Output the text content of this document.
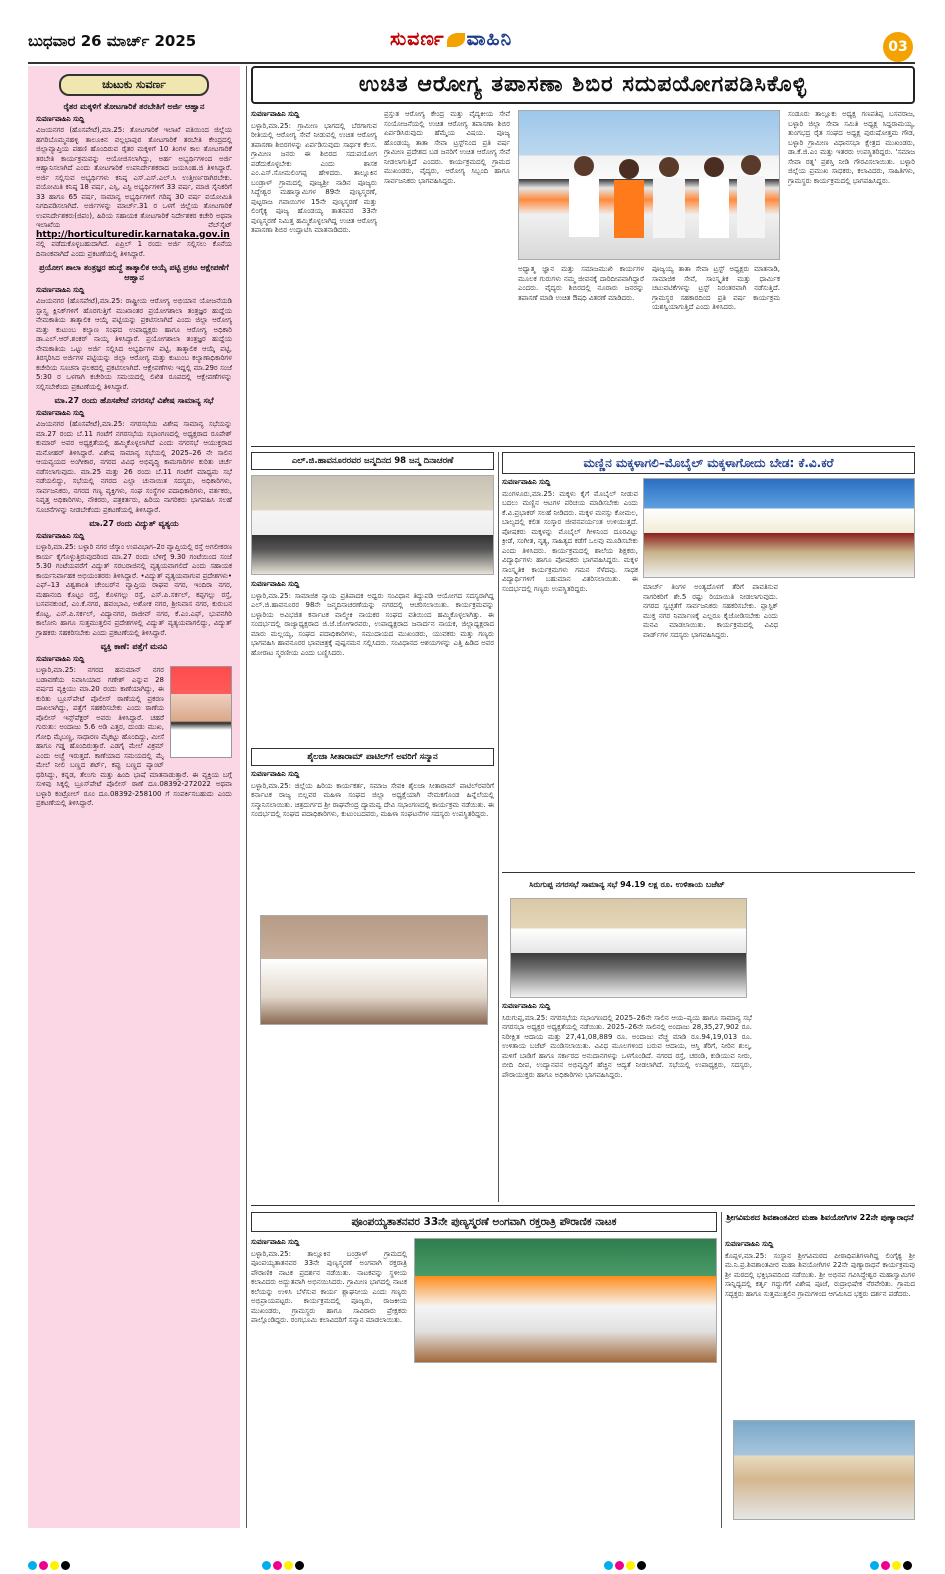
ಬುಧವಾರ 26 ಮಾರ್ಚ್ 2025	ಸುವರ್ಣ ವಾಹಿನಿ	03
ಚುಟುಕು ಸುವರ್ಣ
ರೈತರ ಮಕ್ಕಳಿಗೆ ತೋಟಗಾರಿಕೆ ತರಬೇತಿಗೆ ಅರ್ಜಿ ಆಹ್ವಾನ
ಸುವರ್ಣವಾಹಿನಿ ಸುದ್ದಿ
ವಿಜಯನಗರ (ಹೊಸಪೇಟೆ),ಮಾ.25: ತೋಟಗಾರಿಕೆ ಇಲಾಖೆ ವತಿಯಿಂದ ಜಿಲ್ಲೆಯ ಹಗರಿಬೊಮ್ಮನಹಳ್ಳಿ ತಾಲೂಕಿನ ವಲ್ಲಭಾಪುರ ತೋಟಗಾರಿಕೆ ತರಬೇತಿ ಕೇಂದ್ರದಲ್ಲಿ ಜಿಲ್ಲಾವ್ಯಾಪ್ತಿಯ ಪಹಣಿ ಹೊಂದಿರುವ ರೈತರ ಮಕ್ಕಳಿಗೆ 10 ತಿಂಗಳ ಕಾಲ ತೋಟಗಾರಿಕೆ ತರಬೇತಿ ಕಾರ್ಯಕ್ರಮವನ್ನು ಆಯೋಜಿಸಲಾಗಿದ್ದು, ಅರ್ಹ ಅಭ್ಯರ್ಥಿಗಳಿಂದ ಅರ್ಜಿ ಆಹ್ವಾನಿಸಲಾಗಿದೆ ಎಂದು ತೋಟಗಾರಿಕೆ ಉಪನಿರ್ದೇಶಕರಾದ ಜಯಸಿಂಹ.ಜಿ ತಿಳಿಸಿದ್ದಾರೆ. ಅರ್ಜಿ ಸಲ್ಲಿಸುವ ಅಭ್ಯರ್ಥಿಗಳು ಕನಿಷ್ಠ ಎಸ್.ಎಸ್.ಎಲ್.ಸಿ ಉತ್ತೀರ್ಣರಾಗಿರಬೇಕು. ವಯೋಮಿತಿ ಕನಿಷ್ಠ 18 ವರ್ಷ, ಎಸ್ಸಿ, ಎಸ್ಟಿ ಅಭ್ಯರ್ಥಿಗಳಿಗೆ 33 ವರ್ಷ, ಮಾಜಿ ಸೈನಿಕರಿಗೆ 33 ಹಾಗೂ 65 ವರ್ಷ, ಸಾಮಾನ್ಯ ಅಭ್ಯರ್ಥಿಗಳಿಗೆ ಗರಿಷ್ಠ 30 ವರ್ಷ ವಯೋಮಿತಿ ನಿಗದಿಪಡಿಸಲಾಗಿದೆ. ಅರ್ಜಿಗಳನ್ನು ಮಾರ್ಚ್.31 ರ ಒಳಗೆ ಜಿಲ್ಲೆಯ ತೋಟಗಾರಿಕೆ ಉಪನಿರ್ದೇಶಕರು(ಜಿಪಂ), ಹಿರಿಯ ಸಹಾಯಕ ತೋಟಗಾರಿಕೆ ನಿರ್ದೇಶಕರ ಕಚೇರಿ ಅಥವಾ ಇಲಾಖೆಯ ವೆಬ್‌ಸೈಟ್ http://horticulturedir.karnataka.gov.in ನಲ್ಲಿ ಪಡೆದುಕೊಳ್ಳಬಹುದಾಗಿದೆ. ಏಪ್ರಿಲ್ 1 ರಂದು ಅರ್ಜಿ ಸಲ್ಲಿಸಲು ಕೊನೆಯ ದಿನಾಂಕವಾಗಿದೆ ಎಂದು ಪ್ರಕಟಣೆಯಲ್ಲಿ ತಿಳಿಸಿದ್ದಾರೆ.
ಪ್ರಯೋಗ ಶಾಲಾ ತಂತ್ರಜ್ಞರ ಹುದ್ದೆ ತಾತ್ಕಾಲಿಕ ಆಯ್ಕೆ ಪಟ್ಟಿ ಪ್ರಕಟ ಆಕ್ಷೇಪಣೆಗೆ ಆಹ್ವಾನ
ಸುವರ್ಣವಾಹಿನಿ ಸುದ್ದಿ
ವಿಜಯನಗರ (ಹೊಸಪೇಟೆ),ಮಾ.25: ರಾಷ್ಟ್ರೀಯ ಆರೋಗ್ಯ ಅಭಿಯಾನ ಯೋಜನೆಯಡಿ ಸ್ಪಾಸ್ತ್ಯ ಕ್ಲಿನಿಕ್‌ಗಳಿಗೆ ಹೊರಗುತ್ತಿಗೆ ಮುಖಾಂತರ ಪ್ರಯೋಗಶಾಲಾ ತಂತ್ರಜ್ಞರ ಹುದ್ದೆಯ ನೇಮಕಾತಿಯ ತಾತ್ಕಾಲಿಕ ಆಯ್ಕೆ ಪಟ್ಟಿಯನ್ನು ಪ್ರಕಟಿಸಲಾಗಿದೆ ಎಂದು ಜಿಲ್ಲಾ ಆರೋಗ್ಯ ಮತ್ತು ಕುಟುಂಬ ಕಲ್ಯಾಣ ಸಂಘದ ಉಪಾಧ್ಯಕ್ಷರು ಹಾಗೂ ಆರೋಗ್ಯ ಅಧಿಕಾರಿ ಡಾ.ಎಲ್.ಆರ್.ಶಂಕರ್ ನಾಯ್ಕ ತಿಳಿಸಿದ್ದಾರೆ. ಪ್ರಯೋಗಶಾಲಾ ತಂತ್ರಜ್ಞರ ಹುದ್ದೆಯ ನೇಮಕಾತಿಯ ಒಟ್ಟು ಅರ್ಜಿ ಸಲ್ಲಿಸಿದ ಅಭ್ಯರ್ಥಿಗಳ ಪಟ್ಟಿ, ತಾತ್ಕಾಲಿಕ ಆಯ್ಕೆ ಪಟ್ಟಿ, ತಿರಸ್ಕರಿಸಿದ ಅರ್ಜಿಗಳ ಪಟ್ಟಿಯನ್ನು ಜಿಲ್ಲಾ ಆರೋಗ್ಯ ಮತ್ತು ಕುಟುಂಬ ಕಲ್ಯಾಣಾಧಿಕಾರಿಗಳ ಕಚೇರಿಯ ಸೂಚನಾ ಫಲಕದಲ್ಲಿ ಪ್ರಕಟಿಸಲಾಗಿದೆ. ಆಕ್ಷೇಪಣೆಗಳು ಇದ್ದಲ್ಲಿ ಮಾ.29ರ ಸಂಜೆ 5:30 ರ ಒಳಗಾಗಿ ಕಚೇರಿಯ ಸಮಯದಲ್ಲಿ ಲಿಖಿತ ರೂಪದಲ್ಲಿ ಆಕ್ಷೇಪಣೆಗಳನ್ನು ಸಲ್ಲಿಸಬೇಕೆಂದು ಪ್ರಕಟಣೆಯಲ್ಲಿ ತಿಳಿಸಿದ್ದಾರೆ.
ಮಾ.27 ರಂದು ಹೊಸಪೇಟೆ ನಗರಸಭೆ ವಿಶೇಷ ಸಾಮಾನ್ಯ ಸಭೆ
ಸುವರ್ಣವಾಹಿನಿ ಸುದ್ದಿ
ವಿಜಯನಗರ (ಹೊಸಪೇಟೆ),ಮಾ.25: ನಗರಸಭೆಯ ವಿಶೇಷ ಸಾಮಾನ್ಯ ಸಭೆಯನ್ನು ಮಾ.27 ರಂದು ಬೆ.11 ಗಂಟೆಗೆ ನಗರಸಭೆಯ ಸಭಾಂಗಣದಲ್ಲಿ ಅಧ್ಯಕ್ಷರಾದ ರೂಪೇಶ್ ಕುಮಾರ್ ಅವರ ಅಧ್ಯಕ್ಷತೆಯಲ್ಲಿ ಹಮ್ಮಿಕೊಳ್ಳಲಾಗಿದೆ ಎಂದು ನಗರಸಭೆ ಆಯುಕ್ತರಾದ ಮನೋಹರ್ ತಿಳಿಸಿದ್ದಾರೆ. ವಿಶೇಷ ಸಾಮಾನ್ಯ ಸಭೆಯಲ್ಲಿ 2025–26 ನೇ ಸಾಲಿನ ಆಯವ್ಯಯದ ಅಂಗೀಕಾರ, ನಗರದ ವಿವಿಧ ಅಭಿವೃದ್ಧಿ ಕಾಮಗಾರಿಗಳ ಕುರಿತು ಚರ್ಚೆ ನಡೆಸಲಾಗುವುದು. ಮಾ.25 ಮತ್ತು 26 ರಂದು ಬೆ.11 ಗಂಟೆಗೆ ಮಾಧ್ಯಮ ಸಭೆ ನಡೆಯಲಿದ್ದು, ಸಭೆಯಲ್ಲಿ ನಗರದ ಎಲ್ಲಾ ಚುನಾಯಿತ ಸದಸ್ಯರು, ಅಧಿಕಾರಿಗಳು, ಸಾರ್ವಜನಿಕರು, ನಗರದ ಗಣ್ಯ ವ್ಯಕ್ತಿಗಳು, ಸಂಘ ಸಂಸ್ಥೆಗಳ ಪದಾಧಿಕಾರಿಗಳು, ವರ್ತಕರು, ನಿವೃತ್ತ ಅಧಿಕಾರಿಗಳು, ನೌಕರರು, ಪತ್ರಕರ್ತರು, ಹಿರಿಯ ನಾಗರಿಕರು ಭಾಗವಹಿಸಿ ಸಲಹೆ ಸೂಚನೆಗಳನ್ನು ನೀಡಬೇಕೆಂದು ಪ್ರಕಟಣೆಯಲ್ಲಿ ತಿಳಿಸಿದ್ದಾರೆ.
ಮಾ.27 ರಂದು ವಿದ್ಯುತ್ ವ್ಯತ್ಯಯ
ಸುವರ್ಣವಾಹಿನಿ ಸುದ್ದಿ
ಬಳ್ಳಾರಿ,ಮಾ.25: ಬಳ್ಳಾರಿ ನಗರ ಜೆಸ್ಕಾಂ ಉಪವಿಭಾಗ–2ರ ವ್ಯಾಪ್ತಿಯಲ್ಲಿ ರಸ್ತೆ ಅಗಲೀಕರಣ ಕಾರ್ಯ ಕೈಗೊಳ್ಳುತ್ತಿರುವುದರಿಂದ ಮಾ.27 ರಂದು ಬೆಳಿಗ್ಗೆ 9.30 ಗಂಟೆಯಿಂದ ಸಂಜೆ 5.30 ಗಂಟೆಯವರೆಗೆ ವಿದ್ಯುತ್ ಸರಬರಾಜಿನಲ್ಲಿ ವ್ಯತ್ಯಯವಾಗಲಿದೆ ಎಂದು ಸಹಾಯಕ ಕಾರ್ಯನಿರ್ವಾಹಕ ಅಭಿಯಂತರರು ತಿಳಿಸಿದ್ದಾರೆ. •ವಿದ್ಯುತ್ ವ್ಯತ್ಯಯವಾಗುವ ಪ್ರದೇಶಗಳು• ಎಫ್–13 ವಿಶ್ವಶಾಂತಿ ಚೇಂಬರ್‌ನ ವ್ಯಾಪ್ತಿಯ ರಾಘವ ನಗರ, ಇಂದಿರಾ ನಗರ, ಮಹಾನಂದಿ ಕೊಟ್ಟಂ ರಸ್ತೆ, ಕೊಳಗಲ್ಲು ರಸ್ತೆ, ಎಸ್.ಪಿ.ಸರ್ಕಲ್, ಕಪ್ಪಗಲ್ಲು ರಸ್ತೆ, ಬಸವನಕುಂಟೆ, ಎಂ.ಕೆ.ನಗರ, ಹವಂಭಾವಿ, ಅಶೋಕ ನಗರ, ಶ್ರೀನಿವಾಸ ನಗರ, ಕುರುಬನ ಕೊಟ್ಟ, ಎಸ್.ಪಿ.ಸರ್ಕಲ್, ವಿದ್ಯಾನಗರ, ರಾಜೀವ್ ನಗರ, ಕೆ.ಎಂ.ಎಫ್, ಭುವನಗಿರಿ ಕಾಲೋನಿ ಹಾಗೂ ಸುತ್ತಮುತ್ತಲಿನ ಪ್ರದೇಶಗಳಲ್ಲಿ ವಿದ್ಯುತ್ ವ್ಯತ್ಯಯವಾಗಲಿದ್ದು, ವಿದ್ಯುತ್ ಗ್ರಾಹಕರು ಸಹಕರಿಸಬೇಕು ಎಂದು ಪ್ರಕಟಣೆಯಲ್ಲಿ ತಿಳಿಸಿದ್ದಾರೆ.
ವ್ಯಕ್ತಿ ಕಾಣೆ: ಪತ್ತೆಗೆ ಮನವಿ
ಸುವರ್ಣವಾಹಿನಿ ಸುದ್ದಿ
ಬಳ್ಳಾರಿ,ಮಾ.25: ನಗರದ ಹನುಮಾನ್ ನಗರ ಬಡಾವಣೆಯ ನಿವಾಸಿಯಾದ ಗಣೇಶ್ ಎನ್ನುವ 28 ವರ್ಷದ ವ್ಯಕ್ತಿಯು ಮಾ.20 ರಂದು ಕಾಣೆಯಾಗಿದ್ದು, ಈ ಕುರಿತು ಬ್ರೂಸ್‌ಪೇಟೆ ಪೊಲೀಸ್ ಠಾಣೆಯಲ್ಲಿ ಪ್ರಕರಣ ದಾಖಲಾಗಿದ್ದು, ಪತ್ತೆಗೆ ಸಹಕರಿಸಬೇಕು ಎಂದು ಠಾಣೆಯ ಪೊಲೀಸ್ ಇನ್ಸ್‌ಪೆಕ್ಟರ್ ಅವರು ತಿಳಿಸಿದ್ದಾರೆ. ಚಹರೆ ಗುರುತು: ಅಂದಾಜು 5.6 ಅಡಿ ಎತ್ತರ, ದುಂಡು ಮುಖ, ಗೋಧಿ ಮೈಬಣ್ಣ, ಸಾಧಾರಣ ಮೈಕಟ್ಟು ಹೊಂದಿದ್ದು, ಮೀಸೆ ಹಾಗೂ ಗಡ್ಡ ಹೊಂದಿರುತ್ತಾರೆ. ಎಡಗೈ ಮೇಲೆ ವಿಕ್ರಮ್ ಎಂದು ಅಚ್ಚೆ ಇರುತ್ತದೆ. ಕಾಣೆಯಾದ ಸಮಯದಲ್ಲಿ ಮೈ ಮೇಲೆ ನೀಲಿ ಬಣ್ಣದ ಶರ್ಟ್, ಕಪ್ಪು ಬಣ್ಣದ ಪ್ಯಾಂಟ್ ಧರಿಸಿದ್ದು, ಕನ್ನಡ, ತೆಲುಗು ಮತ್ತು ಹಿಂದಿ ಭಾಷೆ ಮಾತನಾಡುತ್ತಾರೆ. ಈ ವ್ಯಕ್ತಿಯ ಬಗ್ಗೆ ಸುಳಿವು ಸಿಕ್ಕಲ್ಲಿ ಬ್ರೂಸ್‌ಪೇಟೆ ಪೊಲೀಸ್ ಠಾಣೆ ದೂ.08392-272022 ಅಥವಾ ಬಳ್ಳಾರಿ ಕಂಟ್ರೋಲ್ ರೂಂ ದೂ.08392-258100 ಗೆ ಸಂಪರ್ಕಿಸಬಹುದು ಎಂದು ಪ್ರಕಟಣೆಯಲ್ಲಿ ತಿಳಿಸಿದ್ದಾರೆ.
ಉಚಿತ ಆರೋಗ್ಯ ತಪಾಸಣಾ ಶಿಬಿರ ಸದುಪಯೋಗಪಡಿಸಿಕೊಳ್ಳಿ
ಸುವರ್ಣವಾಹಿನಿ ಸುದ್ದಿ

ಬಳ್ಳಾರಿ,ಮಾ.25: ಗ್ರಾಮೀಣ ಭಾಗದಲ್ಲಿ ಬೆರಗಾಗುವ ರೀತಿಯಲ್ಲಿ ಆರೋಗ್ಯ ಸೇವೆ ನೀಡುವಲ್ಲಿ ಉಚಿತ ಆರೋಗ್ಯ ತಪಾಸಣಾ ಶಿಬಿರಗಳನ್ನು ಏರ್ಪಡಿಸುವುದು ಸಾರ್ಥಕ ಕೆಲಸ. ಗ್ರಾಮೀಣ ಜನರು ಈ ಶಿಬಿರದ ಸದುಪಯೋಗ ಪಡೆದುಕೊಳ್ಳಬೇಕು ಎಂದು ಶಾಸಕ ಎಂ.ಎಸ್.ಸೋಮಲಿಂಗಪ್ಪ ಹೇಳಿದರು. ತಾಲ್ಲೂಕಿನ ಬಂಡ್ರಾಳ್ ಗ್ರಾಮದಲ್ಲಿ ಪೂಜ್ಯಶ್ರೀ ನಾಡಿನ ಪೂಜ್ಯರು ಸಿದ್ಧೇಶ್ವರ ಮಹಾಸ್ವಾಮಿಗಳ 89ನೇ ಪುಣ್ಯಸ್ಮರಣೆ, ಪುಟ್ಟರಾಜ ಗವಾಯಿಗಳ 15ನೇ ಪುಣ್ಯಸ್ಮರಣೆ ಮತ್ತು ಲಿಂಗೈಕ್ಯ ಪೂಜ್ಯ ಹೊಂಡಯ್ಯ ತಾತನವರ 33ನೇ ಪುಣ್ಯಸ್ಮರಣೆ ನಿಮಿತ್ತ ಹಮ್ಮಿಕೊಳ್ಳಲಾಗಿದ್ದ ಉಚಿತ ಆರೋಗ್ಯ ತಪಾಸಣಾ ಶಿಬಿರ ಉದ್ಘಾಟಿಸಿ ಮಾತನಾಡಿದರು.

ಪ್ರಸ್ತುತ ಆರೋಗ್ಯ ಕೇಂದ್ರ ಮತ್ತು ವೈದ್ಯಕೀಯ ಸೇವೆ ಸಂಯೋಜನೆಯಲ್ಲಿ ಉಚಿತ ಆರೋಗ್ಯ ತಪಾಸಣಾ ಶಿಬಿರ ಏರ್ಪಡಿಸಿರುವುದು ಹೆಮ್ಮೆಯ ವಿಷಯ. ಪೂಜ್ಯ ಹೊಂಡಯ್ಯ ತಾತಾ ಸೇವಾ ಟ್ರಸ್ಟ್‌ನಿಂದ ಪ್ರತಿ ವರ್ಷ ಗ್ರಾಮೀಣ ಪ್ರದೇಶದ ಬಡ ಜನರಿಗೆ ಉಚಿತ ಆರೋಗ್ಯ ಸೇವೆ ನೀಡಲಾಗುತ್ತಿದೆ ಎಂದರು. ಕಾರ್ಯಕ್ರಮದಲ್ಲಿ ಗ್ರಾಮದ ಮುಖಂಡರು, ವೈದ್ಯರು, ಆರೋಗ್ಯ ಸಿಬ್ಬಂದಿ ಹಾಗೂ ಸಾರ್ವಜನಿಕರು ಭಾಗವಹಿಸಿದ್ದರು.

ಅಧ್ಯಾತ್ಮ ಜ್ಞಾನ ಮತ್ತು ಸಮಾಜಮುಖಿ ಕಾರ್ಯಗಳ ಮೂಲಕ ಗುರುಗಳು ನಮ್ಮ ಜೀವನಕ್ಕೆ ದಾರಿದೀಪವಾಗಿದ್ದಾರೆ ಎಂದರು. ವೈದ್ಯರು ಶಿಬಿರದಲ್ಲಿ ನೂರಾರು ಜನರನ್ನು ತಪಾಸಣೆ ಮಾಡಿ ಉಚಿತ ಔಷಧಿ ವಿತರಣೆ ಮಾಡಿದರು.

ಪೂಜ್ಯಯ್ಯ ತಾತಾ ಸೇವಾ ಟ್ರಸ್ಟ್ ಅಧ್ಯಕ್ಷರು ಮಾತನಾಡಿ, ಸಾಮಾಜಿಕ ಸೇವೆ, ಸಾಂಸ್ಕೃತಿಕ ಮತ್ತು ಧಾರ್ಮಿಕ ಚಟುವಟಿಕೆಗಳನ್ನು ಟ್ರಸ್ಟ್ ನಿರಂತರವಾಗಿ ನಡೆಸುತ್ತಿದೆ. ಗ್ರಾಮಸ್ಥರ ಸಹಕಾರದಿಂದ ಪ್ರತಿ ವರ್ಷ ಕಾರ್ಯಕ್ರಮ ಯಶಸ್ವಿಯಾಗುತ್ತಿದೆ ಎಂದು ತಿಳಿಸಿದರು.

ಸಂಡೂರು ತಾಲ್ಲೂಕು ಅಧ್ಯಕ್ಷ ಗಣಪತಿಪ್ಪ ಬಸವರಾಜ, ಬಳ್ಳಾರಿ ಜಿಲ್ಲಾ ಸೇವಾ ಸಮಿತಿ ಅಧ್ಯಕ್ಷ ಸಿದ್ದರಾಮಯ್ಯ, ತುಂಗಭದ್ರ ರೈತ ಸಂಘದ ಅಧ್ಯಕ್ಷ ಪುರುಷೋತ್ತಮ ಗೌಡ, ಬಳ್ಳಾರಿ ಗ್ರಾಮೀಣ ವಿಧಾನಸಭಾ ಕ್ಷೇತ್ರದ ಮುಖಂಡರು, ಡಾ.ಕೆ.ಜಿ.ಎಂ ಮತ್ತು ಇತರರು ಉಪಸ್ಥಿತರಿದ್ದರು. 'ಸಮಾಜ ಸೇವಾ ರತ್ನ' ಪ್ರಶಸ್ತಿ ನೀಡಿ ಗೌರವಿಸಲಾಯಿತು. ಬಳ್ಳಾರಿ ಜಿಲ್ಲೆಯ ಪ್ರಮುಖ ಸಾಧಕರು, ಕಲಾವಿದರು, ಸಾಹಿತಿಗಳು, ಗ್ರಾಮಸ್ಥರು ಕಾರ್ಯಕ್ರಮದಲ್ಲಿ ಭಾಗವಹಿಸಿದ್ದರು.

ಎಲ್.ಜಿ.ಹಾವನೂರರವರ ಜನ್ಮದಿನದ 98 ಜನ್ಮ ದಿನಾಚರಣೆ
ಸುವರ್ಣವಾಹಿನಿ ಸುದ್ದಿ

ಬಳ್ಳಾರಿ,ಮಾ.25: ಸಾಮಾಜಿಕ ನ್ಯಾಯ ಪ್ರತಿಪಾದಕ ಅಧ್ವರು ಸಂವಿಧಾನ ತಿದ್ದುಪಡಿ ಆಯೋಗದ ಸದಸ್ಯರಾಗಿದ್ದ ಎಲ್.ಜಿ.ಹಾವನೂರರ 98ನೇ ಜನ್ಮದಿನಾಚರಣೆಯನ್ನು ನಗರದಲ್ಲಿ ಆಚರಿಸಲಾಯಿತು. ಕಾರ್ಯಕ್ರಮವನ್ನು ಬಳ್ಳಾರಿಯ ಅವಿಭಜಿತ ಕರ್ನಾಟಕ ವಾಲ್ಮೀಕಿ ನಾಯಕರ ಸಂಘದ ವತಿಯಿಂದ ಹಮ್ಮಿಕೊಳ್ಳಲಾಗಿತ್ತು. ಈ ಸಂದರ್ಭದಲ್ಲಿ ರಾಜ್ಯಾಧ್ಯಕ್ಷರಾದ ಜಿ.ಜೆ.ಜೋಗಾರವರು, ಉಪಾಧ್ಯಕ್ಷರಾದ ಜನಾರ್ದನ ನಾಯಕ, ಜಿಲ್ಲಾಧ್ಯಕ್ಷರಾದ ಮಾರು ಮಲ್ಲಯ್ಯ, ಸಂಘದ ಪದಾಧಿಕಾರಿಗಳು, ಸಮುದಾಯದ ಮುಖಂಡರು, ಯುವಕರು ಮತ್ತು ಗಣ್ಯರು ಭಾಗವಹಿಸಿ ಹಾವನೂರರ ಭಾವಚಿತ್ರಕ್ಕೆ ಪುಷ್ಪನಮನ ಸಲ್ಲಿಸಿದರು. ಸಂವಿಧಾನದ ಆಶಯಗಳನ್ನು ಎತ್ತಿ ಹಿಡಿದ ಅವರ ಹೋರಾಟ ಸ್ಮರಣೀಯ ಎಂದು ಬಣ್ಣಿಸಿದರು.

ಶೈಲಜಾ ಸೀತಾರಾಮ್ ಪಾಟಿಲ್‌ಗೆ ಅವರಿಗೆ ಸನ್ಮಾನ
ಸುವರ್ಣವಾಹಿನಿ ಸುದ್ದಿ

ಬಳ್ಳಾರಿ,ಮಾ.25: ಜಿಲ್ಲೆಯ ಹಿರಿಯ ಕಾರ್ಯಕರ್ತ, ಸಮಾಜ ಸೇವಕಿ ಶೈಲಜಾ ಸೀತಾರಾಮ್ ಪಾಟಿಲ್‌ರವರಿಗೆ ಕರ್ನಾಟಕ ರಾಜ್ಯ ಬಿಲ್ಲವರ ಮಹಿಳಾ ಸಂಘದ ಜಿಲ್ಲಾ ಅಧ್ಯಕ್ಷೆಯಾಗಿ ನೇಮಕಗೊಂಡ ಹಿನ್ನೆಲೆಯಲ್ಲಿ ಸನ್ಮಾನಿಸಲಾಯಿತು. ಚಿತ್ರದುರ್ಗದ ಶ್ರೀ ರಾಘವೇಂದ್ರ ದ್ಯಾಮವ್ವ ದೇವಿ ಸಭಾಂಗಣದಲ್ಲಿ ಕಾರ್ಯಕ್ರಮ ನಡೆಯಿತು. ಈ ಸಂದರ್ಭದಲ್ಲಿ ಸಂಘದ ಪದಾಧಿಕಾರಿಗಳು, ಕುಟುಂಬದವರು, ಮಹಿಳಾ ಸಂಘಟನೆಗಳ ಸದಸ್ಯರು ಉಪಸ್ಥಿತರಿದ್ದರು.

ಮಣ್ಣಿನ ಮಕ್ಕಳಾಗಲಿ–ಮೊಬೈಲ್ ಮಕ್ಕಳಾಗೋದು ಬೇಡ: ಕೆ.ವಿ.ಕರೆ
ಸುವರ್ಣವಾಹಿನಿ ಸುದ್ದಿ

ಮಂಗಳೂರು,ಮಾ.25: ಮಕ್ಕಳು ಕೈಗೆ ಮೊಬೈಲ್ ನೀಡುವ ಬದಲು ಮಣ್ಣಿನ ಆಟಗಳ ಪರಿಚಯ ಮಾಡಿಸಬೇಕು ಎಂದು ಕೆ.ವಿ.ಪ್ರಭಾಕರ್ ಸಲಹೆ ನೀಡಿದರು. ಮಕ್ಕಳ ಮನಸ್ಸು ಕೋಮಲ, ಬಾಲ್ಯದಲ್ಲಿ ಕಲಿತ ಸಂಸ್ಕಾರ ಜೀವನಪರ್ಯಂತ ಉಳಿಯುತ್ತದೆ. ಪೋಷಕರು ಮಕ್ಕಳನ್ನು ಮೊಬೈಲ್ ಗೀಳಿನಿಂದ ದೂರವಿಟ್ಟು ಕ್ರೀಡೆ, ಸಂಗೀತ, ನೃತ್ಯ, ಸಾಹಿತ್ಯದ ಕಡೆಗೆ ಒಲವು ಮೂಡಿಸಬೇಕು ಎಂದು ತಿಳಿಸಿದರು. ಕಾರ್ಯಕ್ರಮದಲ್ಲಿ ಶಾಲೆಯ ಶಿಕ್ಷಕರು, ವಿದ್ಯಾರ್ಥಿಗಳು ಹಾಗೂ ಪೋಷಕರು ಭಾಗವಹಿಸಿದ್ದರು. ಮಕ್ಕಳ ಸಾಂಸ್ಕೃತಿಕ ಕಾರ್ಯಕ್ರಮಗಳು ಗಮನ ಸೆಳೆದವು. ಸಾಧಕ ವಿದ್ಯಾರ್ಥಿಗಳಿಗೆ ಬಹುಮಾನ ವಿತರಿಸಲಾಯಿತು. ಈ ಸಂದರ್ಭದಲ್ಲಿ ಗಣ್ಯರು ಉಪಸ್ಥಿತರಿದ್ದರು.	ಮಾರ್ಚ್ ತಿಂಗಳ ಅಂತ್ಯದೊಳಗೆ ತೆರಿಗೆ ಪಾವತಿಸುವ ನಾಗರಿಕರಿಗೆ ಶೇ.5 ರಷ್ಟು ರಿಯಾಯಿತಿ ನೀಡಲಾಗುವುದು. ನಗರದ ಸ್ವಚ್ಛತೆಗೆ ಸಾರ್ವಜನಿಕರು ಸಹಕರಿಸಬೇಕು. ಪ್ಲಾಸ್ಟಿಕ್ ಮುಕ್ತ ನಗರ ನಿರ್ಮಾಣಕ್ಕೆ ಎಲ್ಲರೂ ಕೈಜೋಡಿಸಬೇಕು ಎಂದು ಮನವಿ ಮಾಡಲಾಯಿತು. ಕಾರ್ಯಕ್ರಮದಲ್ಲಿ ವಿವಿಧ ವಾರ್ಡ್‌ಗಳ ಸದಸ್ಯರು ಭಾಗವಹಿಸಿದ್ದರು.

ಸಿರುಗುಪ್ಪ ನಗರಸಭೆ ಸಾಮಾನ್ಯ ಸಭೆ 94.19 ಲಕ್ಷ ರೂ. ಉಳಿತಾಯ ಬಜೆಟ್
ಸುವರ್ಣವಾಹಿನಿ ಸುದ್ದಿ

ಸಿರುಗುಪ್ಪ,ಮಾ.25: ನಗರಸಭೆಯ ಸಭಾಂಗಣದಲ್ಲಿ 2025–26ನೇ ಸಾಲಿನ ಆಯ–ವ್ಯಯ ಹಾಗೂ ಸಾಮಾನ್ಯ ಸಭೆ ನಗರಸಭಾ ಅಧ್ಯಕ್ಷರ ಅಧ್ಯಕ್ಷತೆಯಲ್ಲಿ ನಡೆಯಿತು. 2025–26ನೇ ಸಾಲಿನಲ್ಲಿ ಅಂದಾಜು 28,35,27,902 ರೂ. ನಿರೀಕ್ಷಿತ ಆದಾಯ ಮತ್ತು 27,41,08,889 ರೂ. ಅಂದಾಜು ವೆಚ್ಚ ಮಾಡಿ ರೂ.94,19,013 ರೂ. ಉಳಿತಾಯ ಬಜೆಟ್ ಮಂಡಿಸಲಾಯಿತು. ವಿವಿಧ ಮೂಲಗಳಿಂದ ಬರುವ ಆದಾಯ, ಆಸ್ತಿ ತೆರಿಗೆ, ನೀರಿನ ಶುಲ್ಕ, ಮಳಿಗೆ ಬಾಡಿಗೆ ಹಾಗೂ ಸರ್ಕಾರದ ಅನುದಾನಗಳನ್ನು ಒಳಗೊಂಡಿದೆ. ನಗರದ ರಸ್ತೆ, ಚರಂಡಿ, ಕುಡಿಯುವ ನೀರು, ಬೀದಿ ದೀಪ, ಉದ್ಯಾನವನ ಅಭಿವೃದ್ಧಿಗೆ ಹೆಚ್ಚಿನ ಆದ್ಯತೆ ನೀಡಲಾಗಿದೆ. ಸಭೆಯಲ್ಲಿ ಉಪಾಧ್ಯಕ್ಷರು, ಸದಸ್ಯರು, ಪೌರಾಯುಕ್ತರು ಹಾಗೂ ಅಧಿಕಾರಿಗಳು ಭಾಗವಹಿಸಿದ್ದರು.

ಪೂಂಪಯ್ಯತಾತನವರ 33ನೇ ಪುಣ್ಯಸ್ಮರಣೆ ಅಂಗವಾಗಿ ರಕ್ತರಾತ್ರಿ ಪೌರಾಣಿಕ ನಾಟಕ
ಸುವರ್ಣವಾಹಿನಿ ಸುದ್ದಿ

ಬಳ್ಳಾರಿ,ಮಾ.25: ತಾಲ್ಲೂಕಿನ ಬಂಡ್ರಾಳ್ ಗ್ರಾಮದಲ್ಲಿ ಪೂಂಪಯ್ಯತಾತನವರ 33ನೇ ಪುಣ್ಯಸ್ಮರಣೆ ಅಂಗವಾಗಿ ರಕ್ತರಾತ್ರಿ ಪೌರಾಣಿಕ ನಾಟಕ ಪ್ರದರ್ಶನ ನಡೆಯಿತು. ನಾಟಕವನ್ನು ಸ್ಥಳೀಯ ಕಲಾವಿದರು ಅದ್ಭುತವಾಗಿ ಅಭಿನಯಿಸಿದರು. ಗ್ರಾಮೀಣ ಭಾಗದಲ್ಲಿ ನಾಟಕ ಕಲೆಯನ್ನು ಉಳಿಸಿ ಬೆಳೆಸುವ ಕಾರ್ಯ ಶ್ಲಾಘನೀಯ ಎಂದು ಗಣ್ಯರು ಅಭಿಪ್ರಾಯಪಟ್ಟರು. ಕಾರ್ಯಕ್ರಮದಲ್ಲಿ ಪೂಜ್ಯರು, ರಾಜಕೀಯ ಮುಖಂಡರು, ಗ್ರಾಮಸ್ಥರು ಹಾಗೂ ಸಾವಿರಾರು ಪ್ರೇಕ್ಷಕರು ಪಾಲ್ಗೊಂಡಿದ್ದರು. ರಂಗಭೂಮಿ ಕಲಾವಿದರಿಗೆ ಸನ್ಮಾನ ಮಾಡಲಾಯಿತು.

ಶ್ರೀಗವಿಮಠದ ಶಿವಶಾಂತವೀರ ಮಹಾ ಶಿವಯೋಗಿಗಳ 22ನೇ ಪುಣ್ಯಾರಾಧನೆ
ಸುವರ್ಣವಾಹಿನಿ ಸುದ್ದಿ

ಕೊಪ್ಪಳ,ಮಾ.25: ಸಂಸ್ಥಾನ ಶ್ರೀಗವಿಮಠದ ಪೀಠಾಧಿಪತಿಗಳಾಗಿದ್ದ ಲಿಂಗೈಕ್ಯ ಶ್ರೀ ಮ.ನಿ.ಪ್ರ.ಶಿವಶಾಂತವೀರ ಮಹಾ ಶಿವಯೋಗಿಗಳ 22ನೇ ಪುಣ್ಯಾರಾಧನೆ ಕಾರ್ಯಕ್ರಮವು ಶ್ರೀ ಮಠದಲ್ಲಿ ಭಕ್ತಿಭಾವದಿಂದ ನಡೆಯಿತು. ಶ್ರೀ ಅಭಿನವ ಗವಿಸಿದ್ಧೇಶ್ವರ ಮಹಾಸ್ವಾಮಿಗಳ ಸಾನ್ನಿಧ್ಯದಲ್ಲಿ ಕರ್ತೃ ಗದ್ದುಗೆಗೆ ವಿಶೇಷ ಪೂಜೆ, ರುದ್ರಾಭಿಷೇಕ ನೆರವೇರಿತು. ಗ್ರಾಮದ ಸದ್ಭಕ್ತರು ಹಾಗೂ ಸುತ್ತಮುತ್ತಲಿನ ಗ್ರಾಮಗಳಿಂದ ಆಗಮಿಸಿದ ಭಕ್ತರು ದರ್ಶನ ಪಡೆದರು.
